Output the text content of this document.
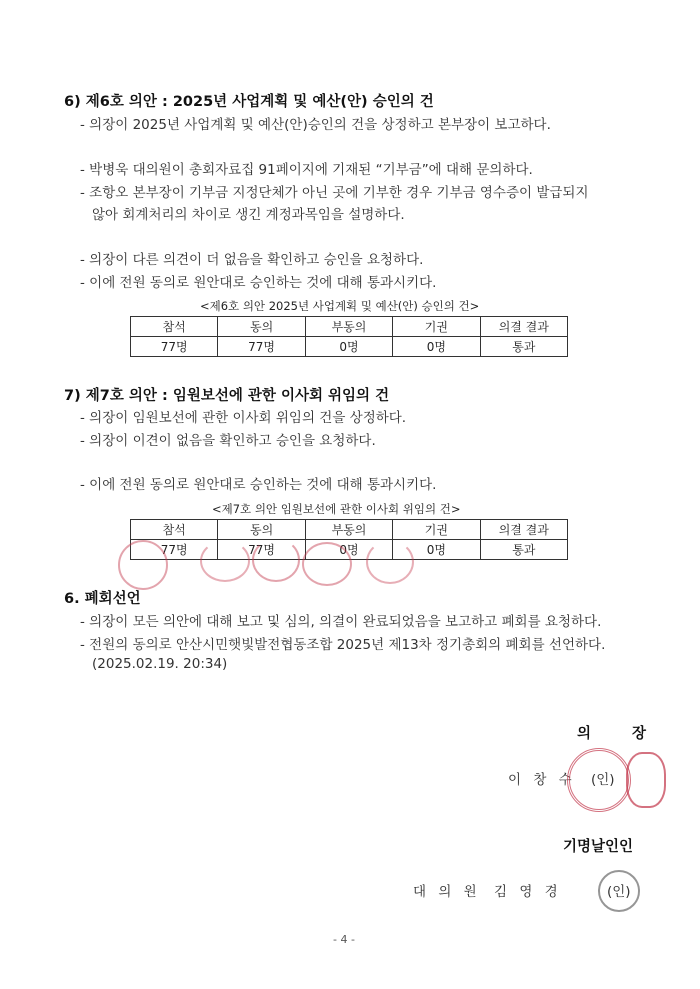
6) 제6호 의안 : 2025년 사업계획 및 예산(안) 승인의 건
- 의장이 2025년 사업계획 및 예산(안)승인의 건을 상정하고 본부장이 보고하다.
- 박병욱 대의원이 총회자료집 91페이지에 기재된 “기부금”에 대해 문의하다.
- 조항오 본부장이 기부금 지정단체가 아닌 곳에 기부한 경우 기부금 영수증이 발급되지
않아 회계처리의 차이로 생긴 계정과목임을 설명하다.
- 의장이 다른 의견이 더 없음을 확인하고 승인을 요청하다.
- 이에 전원 동의로 원안대로 승인하는 것에 대해 통과시키다.
<제6호 의안 2025년 사업계획 및 예산(안) 승인의 건>
참석	동의	부동의	기권	의결 결과
77명	77명	0명	0명	통과
7) 제7호 의안 : 임원보선에 관한 이사회 위임의 건
- 의장이 임원보선에 관한 이사회 위임의 건을 상정하다.
- 의장이 이견이 없음을 확인하고 승인을 요청하다.
- 이에 전원 동의로 원안대로 승인하는 것에 대해 통과시키다.
<제7호 의안 임원보선에 관한 이사회 위임의 건>
참석	동의	부동의	기권	의결 결과
77명	77명	0명	0명	통과
6. 폐회선언
- 의장이 모든 의안에 대해 보고 및 심의, 의결이 완료되었음을 보고하고 폐회를 요청하다.
- 전원의 동의로 안산시민햇빛발전협동조합 2025년 제13차 정기총회의 폐회를 선언하다.
(2025.02.19. 20:34)
의 장
이 창 수 (인)
기명날인인
대 의 원 김 영 경	(인)
- 4 -
